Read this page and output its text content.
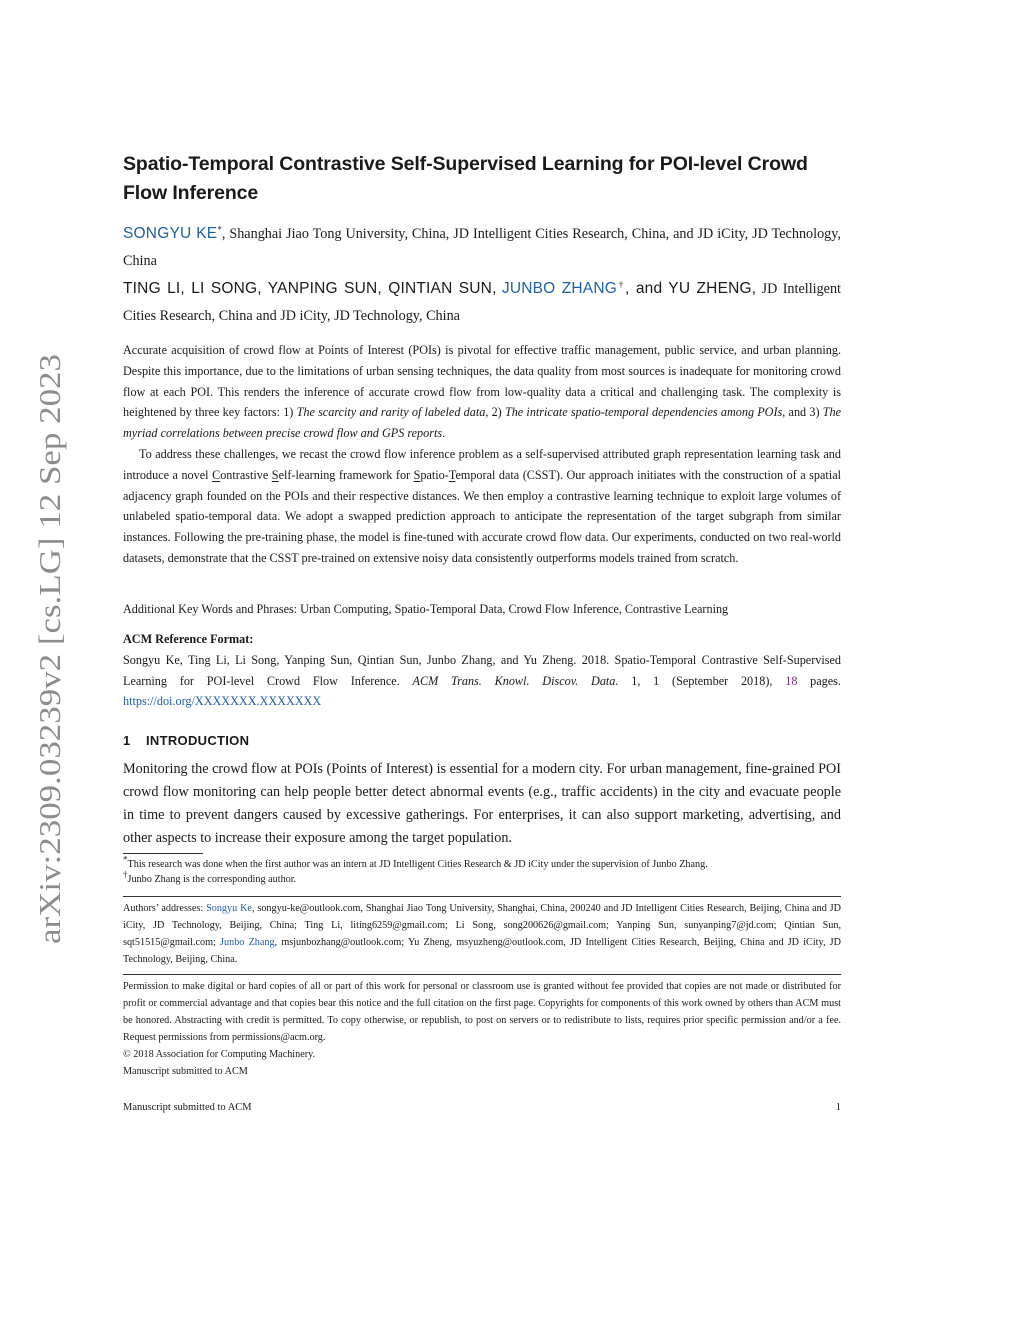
arXiv:2309.03239v2 [cs.LG] 12 Sep 2023
Spatio-Temporal Contrastive Self-Supervised Learning for POI-level Crowd Flow Inference
SONGYU KE*, Shanghai Jiao Tong University, China, JD Intelligent Cities Research, China, and JD iCity, JD Technology, China
TING LI, LI SONG, YANPING SUN, QINTIAN SUN, JUNBO ZHANG†, and YU ZHENG, JD Intelligent Cities Research, China and JD iCity, JD Technology, China

Accurate acquisition of crowd flow at Points of Interest (POIs) is pivotal for effective traffic management, public service, and urban planning. Despite this importance, due to the limitations of urban sensing techniques, the data quality from most sources is inadequate for monitoring crowd flow at each POI. This renders the inference of accurate crowd flow from low-quality data a critical and challenging task. The complexity is heightened by three key factors: 1) The scarcity and rarity of labeled data, 2) The intricate spatio-temporal dependencies among POIs, and 3) The myriad correlations between precise crowd flow and GPS reports.

To address these challenges, we recast the crowd flow inference problem as a self-supervised attributed graph representation learning task and introduce a novel Contrastive Self-learning framework for Spatio-Temporal data (CSST). Our approach initiates with the construction of a spatial adjacency graph founded on the POIs and their respective distances. We then employ a contrastive learning technique to exploit large volumes of unlabeled spatio-temporal data. We adopt a swapped prediction approach to anticipate the representation of the target subgraph from similar instances. Following the pre-training phase, the model is fine-tuned with accurate crowd flow data. Our experiments, conducted on two real-world datasets, demonstrate that the CSST pre-trained on extensive noisy data consistently outperforms models trained from scratch.

Additional Key Words and Phrases: Urban Computing, Spatio-Temporal Data, Crowd Flow Inference, Contrastive Learning
ACM Reference Format:
Songyu Ke, Ting Li, Li Song, Yanping Sun, Qintian Sun, Junbo Zhang, and Yu Zheng. 2018. Spatio-Temporal Contrastive Self-Supervised Learning for POI-level Crowd Flow Inference. ACM Trans. Knowl. Discov. Data. 1, 1 (September 2018), 18 pages. https://doi.org/XXXXXXX.XXXXXXX
1 INTRODUCTION
Monitoring the crowd flow at POIs (Points of Interest) is essential for a modern city. For urban management, fine-grained POI crowd flow monitoring can help people better detect abnormal events (e.g., traffic accidents) in the city and evacuate people in time to prevent dangers caused by excessive gatherings. For enterprises, it can also support marketing, advertising, and other aspects to increase their exposure among the target population.

*This research was done when the first author was an intern at JD Intelligent Cities Research & JD iCity under the supervision of Junbo Zhang.

†Junbo Zhang is the corresponding author.

Authors’ addresses: Songyu Ke, songyu-ke@outlook.com, Shanghai Jiao Tong University, Shanghai, China, 200240 and JD Intelligent Cities Research, Beijing, China and JD iCity, JD Technology, Beijing, China; Ting Li, liting6259@gmail.com; Li Song, song200626@gmail.com; Yanping Sun, sunyanping7@jd.com; Qintian Sun, sqt51515@gmail.com; Junbo Zhang, msjunbozhang@outlook.com; Yu Zheng, msyuzheng@outlook.com, JD Intelligent Cities Research, Beijing, China and JD iCity, JD Technology, Beijing, China.

Permission to make digital or hard copies of all or part of this work for personal or classroom use is granted without fee provided that copies are not made or distributed for profit or commercial advantage and that copies bear this notice and the full citation on the first page. Copyrights for components of this work owned by others than ACM must be honored. Abstracting with credit is permitted. To copy otherwise, or republish, to post on servers or to redistribute to lists, requires prior specific permission and/or a fee. Request permissions from permissions@acm.org.

© 2018 Association for Computing Machinery.

Manuscript submitted to ACM

Manuscript submitted to ACM	1
